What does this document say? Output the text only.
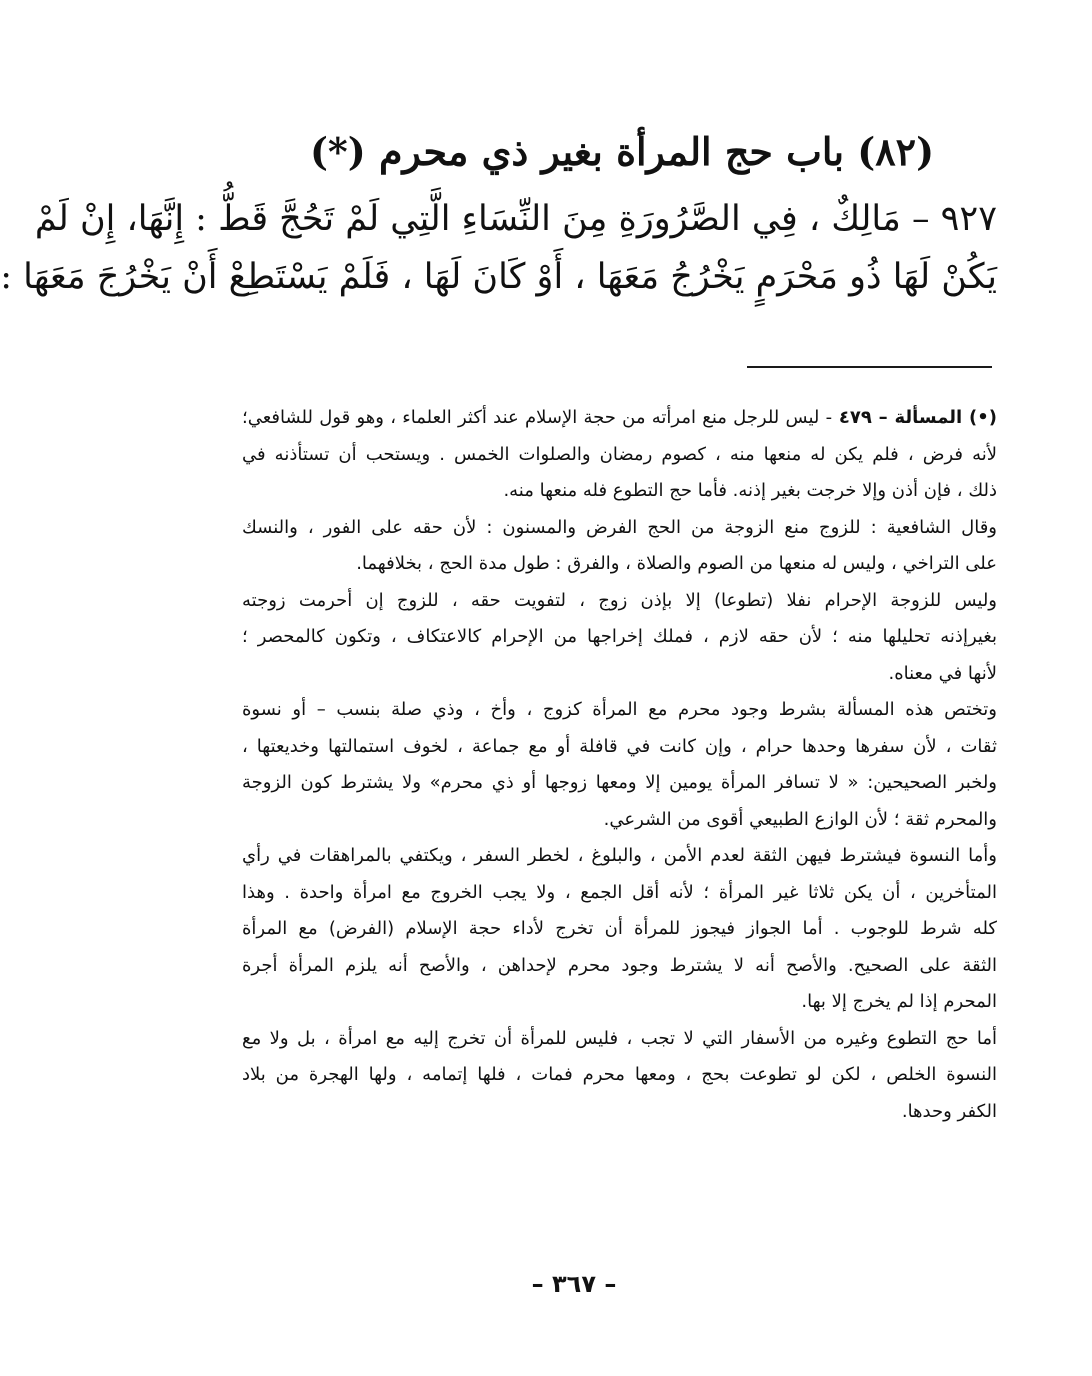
(٨٢) باب حج المرأة بغير ذي محرم (*)
٩٢٧ – مَالِكٌ ، فِي الصَّرُورَةِ مِنَ النِّسَاءِ الَّتِي لَمْ تَحُجَّ قَطُّ : إِنَّهَا، إِنْ لَمْ
يَكُنْ لَهَا ذُو مَحْرَمٍ يَخْرُجُ مَعَهَا ، أَوْ كَانَ لَهَا ، فَلَمْ يَسْتَطِعْ أَنْ يَخْرُجَ مَعَهَا :
(•) المسألة – ٤٧٩ - ليس للرجل منع امرأته من حجة الإسلام عند أكثر العلماء ، وهو قول للشافعي؛
لأنه فرض ، فلم يكن له منعها منه ، كصوم رمضان والصلوات الخمس . ويستحب أن تستأذنه في
ذلك ، فإن أذن وإلا خرجت بغير إذنه. فأما حج التطوع فله منعها منه.
وقال الشافعية : للزوج منع الزوجة من الحج الفرض والمسنون : لأن حقه على الفور ، والنسك
على التراخي ، وليس له منعها من الصوم والصلاة ، والفرق : طول مدة الحج ، بخلافهما.
وليس للزوجة الإحرام نفلا (تطوعا) إلا بإذن زوج ، لتفويت حقه ، للزوج إن أحرمت زوجته
بغيرإذنه تحليلها منه ؛ لأن حقه لازم ، فملك إخراجها من الإحرام كالاعتكاف ، وتكون كالمحصر ؛
لأنها في معناه.
وتختص هذه المسألة بشرط وجود محرم مع المرأة كزوج ، وأخ ، وذي صلة بنسب – أو نسوة
ثقات ، لأن سفرها وحدها حرام ، وإن كانت في قافلة أو مع جماعة ، لخوف استمالتها وخديعتها ،
ولخبر الصحيحين: « لا تسافر المرأة يومين إلا ومعها زوجها أو ذي محرم» ولا يشترط كون الزوجة
والمحرم ثقة ؛ لأن الوازع الطبيعي أقوى من الشرعي.
وأما النسوة فيشترط فيهن الثقة لعدم الأمن ، والبلوغ ، لخطر السفر ، ويكتفي بالمراهقات في رأي
المتأخرين ، أن يكن ثلاثا غير المرأة ؛ لأنه أقل الجمع ، ولا يجب الخروج مع امرأة واحدة . وهذا
كله شرط للوجوب . أما الجواز فيجوز للمرأة أن تخرج لأداء حجة الإسلام (الفرض) مع المرأة
الثقة على الصحيح. والأصح أنه لا يشترط وجود محرم لإحداهن ، والأصح أنه يلزم المرأة أجرة
المحرم إذا لم يخرج إلا بها.
أما حج التطوع وغيره من الأسفار التي لا تجب ، فليس للمرأة أن تخرج إليه مع امرأة ، بل ولا مع
النسوة الخلص ، لكن لو تطوعت بحج ، ومعها محرم فمات ، فلها إتمامه ، ولها الهجرة من بلاد
الكفر وحدها.
– ٣٦٧ –
